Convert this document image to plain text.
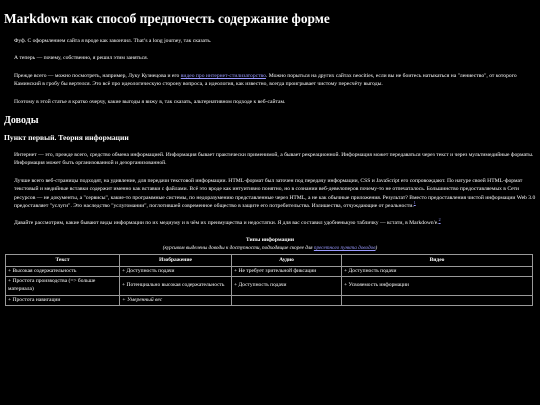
Markdown как способ предпочесть содержание форме

Фуф. С оформлением сайта я вроде как закончил. That’s a long journey, так сказать.

А теперь — почему, собственно, я решил этим заняться.

Прежде всего — можно посмотреть, например, Луку Кузнецова и его видео про интернет-стилизаторство. Можно порыться на других сайтах neocities, если вы не боитесь натыкаться на "лениество", от которого Каминский в гробу бы вертелся. Это всё про идеологическую сторону вопроса, а идеология, как известно, всегда проигрывает чистому пересчёту выгоды.

Поэтому в этой статье я кратко очерчу, какие выгоды я вижу в, так сказать, альтернативном подходе к веб-сайтам.

Доводы
Пункт первый. Теория информации

Интернет — это, прежде всего, средство обмена информацией. Информация бывает практически применимой, а бывает рекреационной. Информация может передаваться через текст и через мультимедийные форматы. Информация может быть организованной и дезорганизованной.

Лучше всего веб-страницы подходят, на удивление, для передачи текстовой информации. HTML-формат был заточен под передачу информации, CSS и JavaScript его сопровождают. По натуре своей HTML-формат текстовый и медийные вставки содержит именно как вставки с файлами. Всё это вроде как интуитивно понятно, но в сознании веб-девелоперов почему-то не отпечаталось. Большинство предоставляемых в Сети ресурсов — не документы, а "сервисы", какие-то программные системы, по недоразумению представленные через HTML, а не как обычные приложения. Результат? Вместо предоставления чистой информации Web 3.0 предоставляет "услуги". Это наследство "услугомании", поглотившей современное общество в защите его потребительства. Излишества, отчуждающие от реальности.$^1$

Давайте рассмотрим, какие бывают виды информации по их медиуму и в чём их преимущества и недостатки. Я для вас составил удобненькую табличку — кстати, в Markdown'е.$^2$

Типы информации
(курсивом выделены доводы к доступности, подходящие скорее для пресетного пункта доводов)
Текст	Изображение	Аудио	Видео
+ Высокая содержательность	+ Доступность подачи	+ Не требует зрительной фиксации	+ Доступность подачи
+ Простота производства (=> больше материала)	+ Потенциально высокая содержательность	+ Доступность подачи	+ Усвояемость информации
+ Простота навигации	+ Умеренный вес		
